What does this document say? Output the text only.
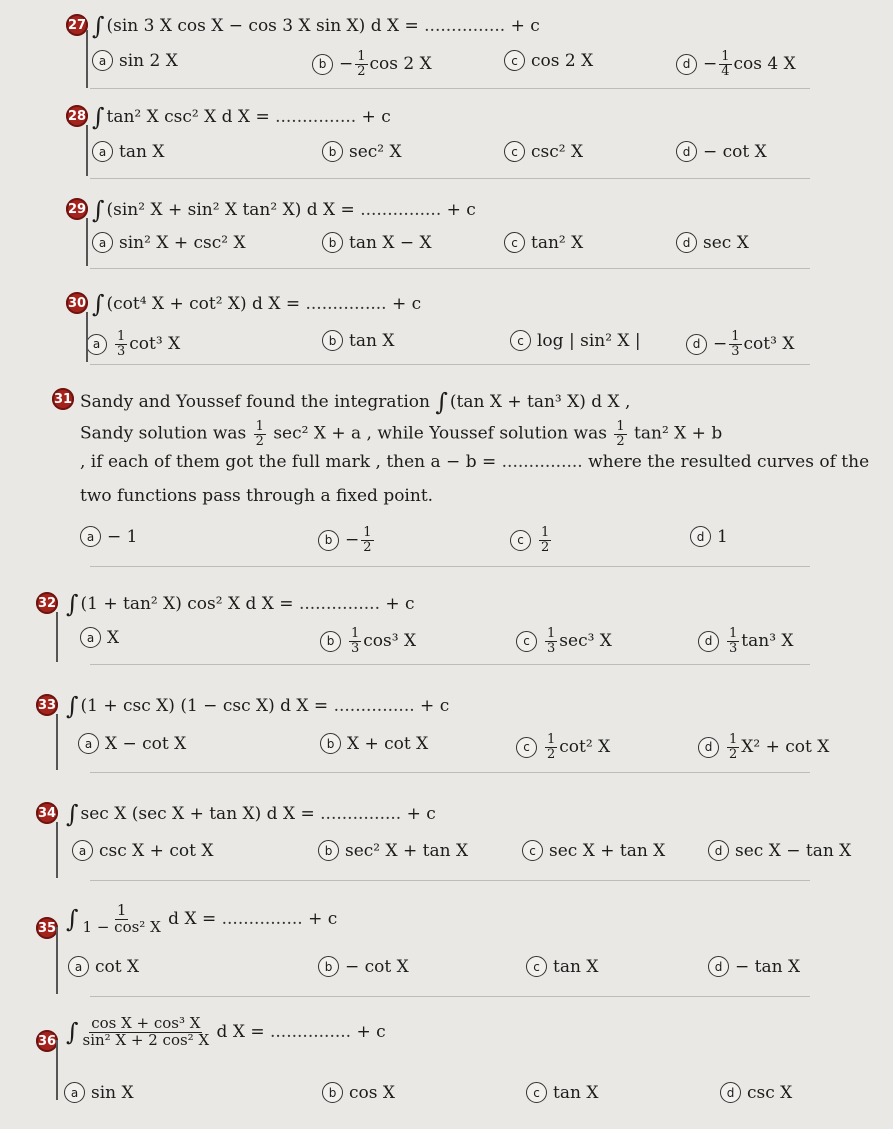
27 ∫ (sin 3 X cos X − cos 3 X sin X) d X = ............... + c
a sin 2 X	$b - \frac{1}{2}$ cos 2 X	c cos 2 X	$d - \frac{1}{4}$ cos 4 X
28 ∫ tan² X csc² X d X = ............... + c
a tan X	b sec² X	c csc² X	d − cot X
29 ∫ (sin² X + sin² X tan² X) d X = ............... + c
a sin² X + csc² X	b tan X − X	c tan² X	d sec X
30 ∫ (cot⁴ X + cot² X) d X = ............... + c
a	$\frac{1}{3} \cot^3$ X	b tan X	c log | sin² X |	$d - \frac{1}{3} \cot^3$ X
32 ∫ (1 + tan² X) cos² X d X = ............... + c
a X	b	$\frac{1}{3} \cos^3$ X	c	$\frac{1}{3} \sec^3$ X	d	$\frac{1}{3} \tan^3$ X
33 ∫ (1 + csc X) (1 − csc X) d X = ............... + c
a X − cot X	b X + cot X	c	$\frac{1}{2} \cot^2$ X	d	$\frac{1}{2} X^2 + \cot X$
34 ∫ sec X (sec X + tan X) d X = ............... + c
a csc X + cot X	b sec² X + tan X	c sec X + tan X	d sec X − tan X
35 ∫ $\frac{1}{\text{1 − cos² X}}$ d X = ............... + c
a cot X	b − cot X	c tan X	d − tan X
36 ∫ $\frac{\text{cos X + cos³ X}}{\text{sin² X + 2 cos² X}}$ d X = ............... + c
a sin X	b cos X	c tan X	d csc X
31 Sandy and Youssef found the integration ∫ (tan X + tan³ X) d X ,
Sandy solution was $\frac{1}{2} \sec^2$ X + a , while Youssef solution was $\frac{1}{2} \tan^2$ X + b
, if each of them got the full mark , then a − b = ............... where the resulted curves of the
two functions pass through a fixed point.
a − 1	$b - \frac{1}{2}$	c	$\frac{1}{2}$	d 1
